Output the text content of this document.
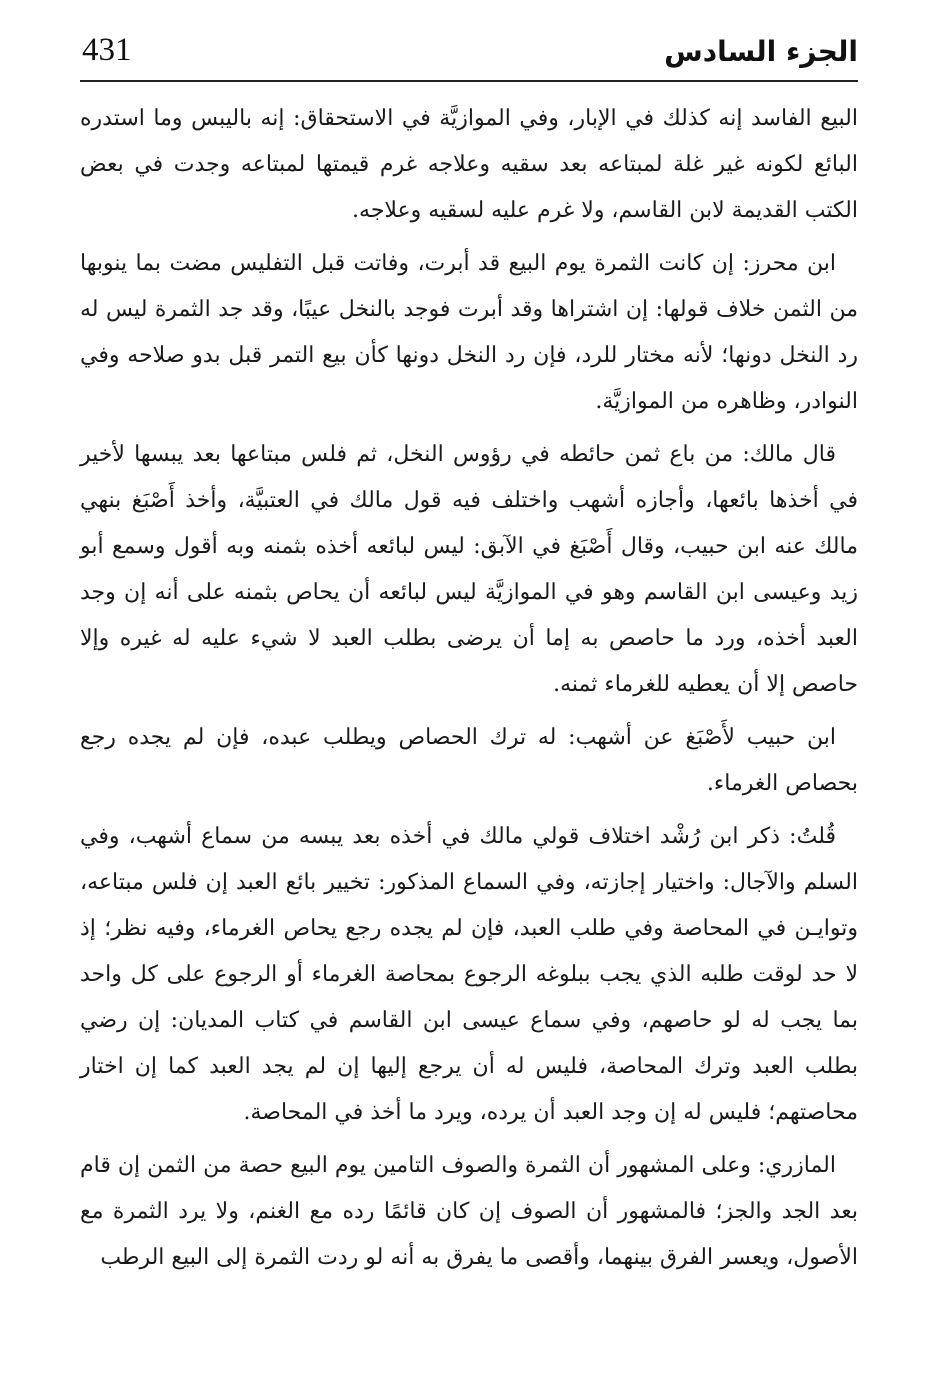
الجزء السادس
431

البيع الفاسد إنه كذلك في الإبار، وفي الموازيَّة في الاستحقاق: إنه باليبس وما استدره البائع لكونه غير غلة لمبتاعه بعد سقيه وعلاجه غرم قيمتها لمبتاعه وجدت في بعض الكتب القديمة لابن القاسم، ولا غرم عليه لسقيه وعلاجه.

ابن محرز: إن كانت الثمرة يوم البيع قد أبرت، وفاتت قبل التفليس مضت بما ينوبها من الثمن خلاف قولها: إن اشتراها وقد أبرت فوجد بالنخل عيبًا، وقد جد الثمرة ليس له رد النخل دونها؛ لأنه مختار للرد، فإن رد النخل دونها كأن بيع التمر قبل بدو صلاحه وفي النوادر، وظاهره من الموازيَّة.

قال مالك: من باع ثمن حائطه في رؤوس النخل، ثم فلس مبتاعها بعد يبسها لأخير في أخذها بائعها، وأجازه أشهب واختلف فيه قول مالك في العتبيَّة، وأخذ أَصْبَغ بنهي مالك عنه ابن حبيب، وقال أَصْبَغ في الآبق: ليس لبائعه أخذه بثمنه وبه أقول وسمع أبو زيد وعيسى ابن القاسم وهو في الموازيَّة ليس لبائعه أن يحاص بثمنه على أنه إن وجد العبد أخذه، ورد ما حاصص به إما أن يرضى بطلب العبد لا شيء عليه له غيره وإلا حاصص إلا أن يعطيه للغرماء ثمنه.

ابن حبيب لأَصْبَغ عن أشهب: له ترك الحصاص ويطلب عبده، فإن لم يجده رجع بحصاص الغرماء.

قُلتُ: ذكر ابن رُشْد اختلاف قولي مالك في أخذه بعد يبسه من سماع أشهب، وفي السلم والآجال: واختيار إجازته، وفي السماع المذكور: تخيير بائع العبد إن فلس مبتاعه، وتوايـن في المحاصة وفي طلب العبد، فإن لم يجده رجع يحاص الغرماء، وفيه نظر؛ إذ لا حد لوقت طلبه الذي يجب ببلوغه الرجوع بمحاصة الغرماء أو الرجوع على كل واحد بما يجب له لو حاصهم، وفي سماع عيسى ابن القاسم في كتاب المديان: إن رضي بطلب العبد وترك المحاصة، فليس له أن يرجع إليها إن لم يجد العبد كما إن اختار محاصتهم؛ فليس له إن وجد العبد أن يرده، ويرد ما أخذ في المحاصة.

المازري: وعلى المشهور أن الثمرة والصوف التامين يوم البيع حصة من الثمن إن قام بعد الجد والجز؛ فالمشهور أن الصوف إن كان قائمًا رده مع الغنم، ولا يرد الثمرة مع الأصول، ويعسر الفرق بينهما، وأقصى ما يفرق به أنه لو ردت الثمرة إلى البيع الرطب
